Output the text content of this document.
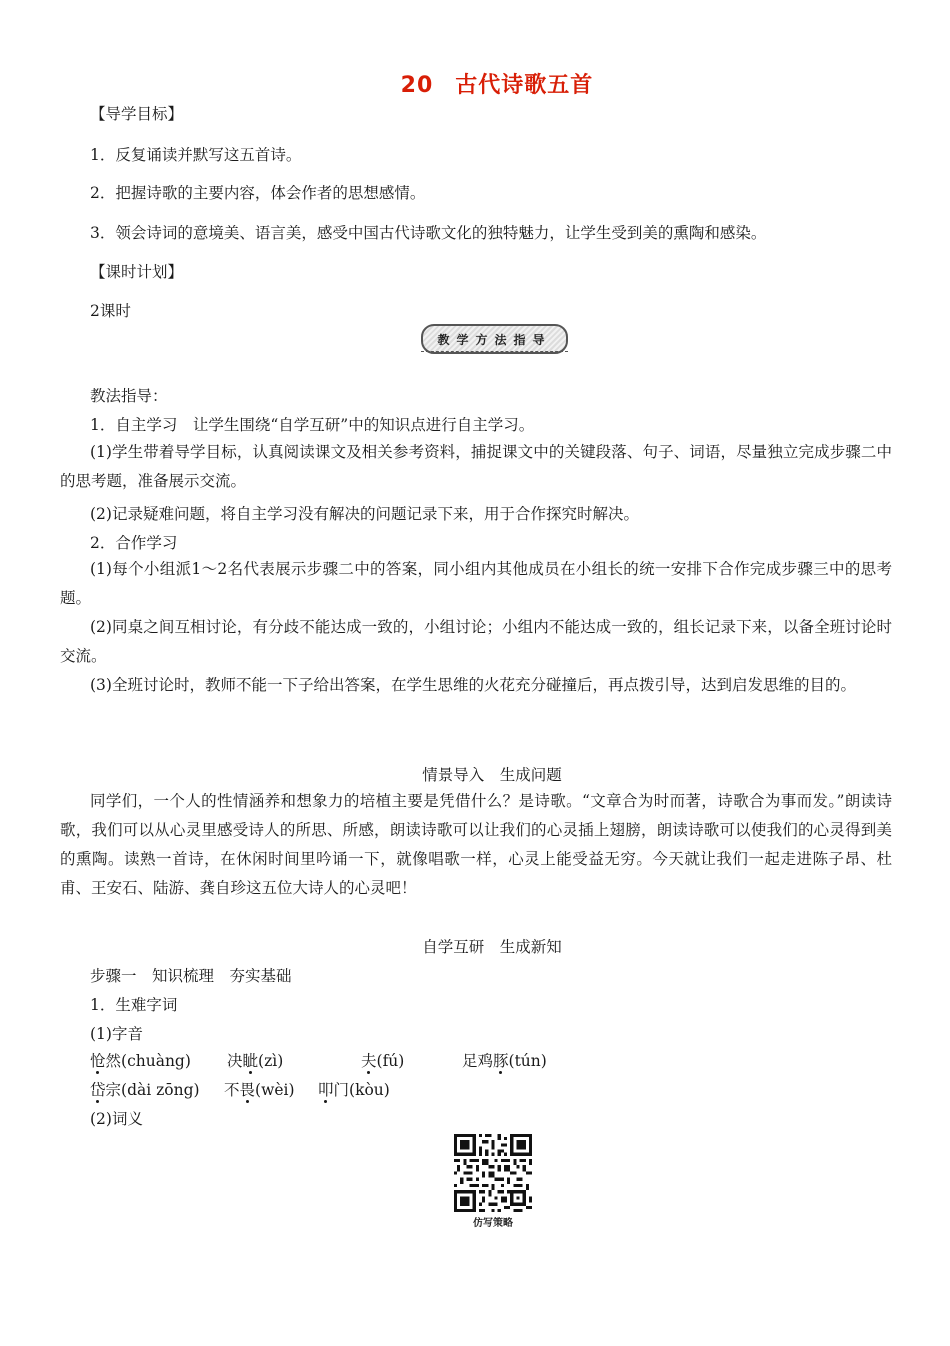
20 古代诗歌五首
【导学目标】
1．反复诵读并默写这五首诗。
2．把握诗歌的主要内容，体会作者的思想感情。
3．领会诗词的意境美、语言美，感受中国古代诗歌文化的独特魅力，让学生受到美的熏陶和感染。
【课时计划】
2课时
教学方法指导
教法指导：
1．自主学习　让学生围绕“自学互研”中的知识点进行自主学习。
(1)学生带着导学目标，认真阅读课文及相关参考资料，捕捉课文中的关键段落、句子、词语，尽量独立完成步骤二中的思考题，准备展示交流。
(2)记录疑难问题，将自主学习没有解决的问题记录下来，用于合作探究时解决。
2．合作学习
(1)每个小组派1～2名代表展示步骤二中的答案，同小组内其他成员在小组长的统一安排下合作完成步骤三中的思考题。
(2)同桌之间互相讨论，有分歧不能达成一致的，小组讨论；小组内不能达成一致的，组长记录下来，以备全班讨论时交流。
(3)全班讨论时，教师不能一下子给出答案，在学生思维的火花充分碰撞后，再点拨引导，达到启发思维的目的。
情景导入　生成问题
同学们，一个人的性情涵养和想象力的培植主要是凭借什么？是诗歌。“文章合为时而著，诗歌合为事而发。”朗读诗歌，我们可以从心灵里感受诗人的所思、所感，朗读诗歌可以让我们的心灵插上翅膀，朗读诗歌可以使我们的心灵得到美的熏陶。读熟一首诗，在休闲时间里吟诵一下，就像唱歌一样，心灵上能受益无穷。今天就让我们一起走进陈子昂、杜甫、王安石、陆游、龚自珍这五位大诗人的心灵吧！
自学互研　生成新知
步骤一　知识梳理　夯实基础
1．生难字词
(1)字音
怆然(chuàng) 决眦(zì)	夫(fú)	足鸡豚(tún)
岱宗(dài zōng) 不畏(wèi) 叩门(kòu)
(2)词义
仿写策略
